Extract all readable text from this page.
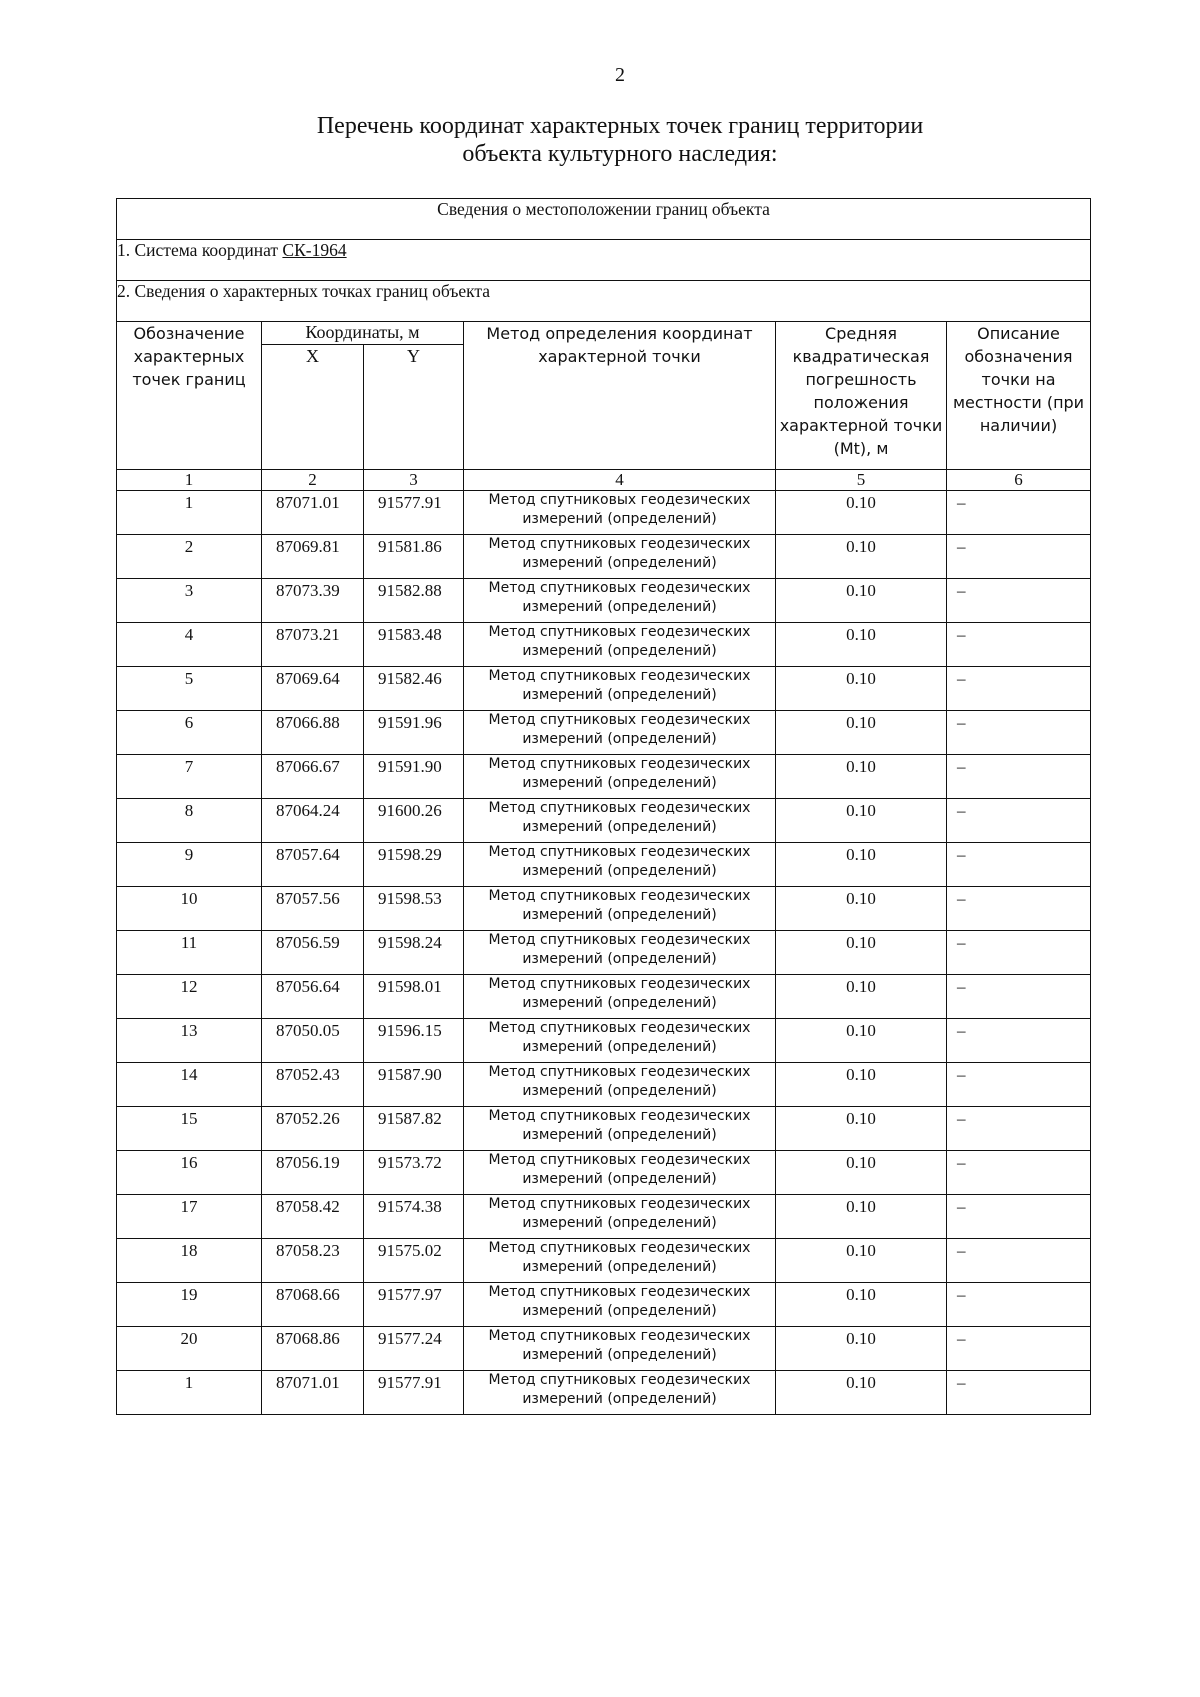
2
Перечень координат характерных точек границ территории
объекта культурного наследия:
Сведения о местоположении границ объекта					
1. Система координат СК-1964					
2. Сведения о характерных точках границ объекта					
Обозначение характерных точек границ	Координаты, м		Метод определения координат характерной точки	Средняя квадратическая погрешность положения характерной точки (Mt), м	Описание обозначения точки на местности (при наличии)
	X	Y			
1	2	3	4	5	6
1	87071.01	91577.91	Метод спутниковых геодезических
измерений (определений)	0.10	–
2	87069.81	91581.86	Метод спутниковых геодезических
измерений (определений)	0.10	–
3	87073.39	91582.88	Метод спутниковых геодезических
измерений (определений)	0.10	–
4	87073.21	91583.48	Метод спутниковых геодезических
измерений (определений)	0.10	–
5	87069.64	91582.46	Метод спутниковых геодезических
измерений (определений)	0.10	–
6	87066.88	91591.96	Метод спутниковых геодезических
измерений (определений)	0.10	–
7	87066.67	91591.90	Метод спутниковых геодезических
измерений (определений)	0.10	–
8	87064.24	91600.26	Метод спутниковых геодезических
измерений (определений)	0.10	–
9	87057.64	91598.29	Метод спутниковых геодезических
измерений (определений)	0.10	–
10	87057.56	91598.53	Метод спутниковых геодезических
измерений (определений)	0.10	–
11	87056.59	91598.24	Метод спутниковых геодезических
измерений (определений)	0.10	–
12	87056.64	91598.01	Метод спутниковых геодезических
измерений (определений)	0.10	–
13	87050.05	91596.15	Метод спутниковых геодезических
измерений (определений)	0.10	–
14	87052.43	91587.90	Метод спутниковых геодезических
измерений (определений)	0.10	–
15	87052.26	91587.82	Метод спутниковых геодезических
измерений (определений)	0.10	–
16	87056.19	91573.72	Метод спутниковых геодезических
измерений (определений)	0.10	–
17	87058.42	91574.38	Метод спутниковых геодезических
измерений (определений)	0.10	–
18	87058.23	91575.02	Метод спутниковых геодезических
измерений (определений)	0.10	–
19	87068.66	91577.97	Метод спутниковых геодезических
измерений (определений)	0.10	–
20	87068.86	91577.24	Метод спутниковых геодезических
измерений (определений)	0.10	–
1	87071.01	91577.91	Метод спутниковых геодезических
измерений (определений)	0.10	–
